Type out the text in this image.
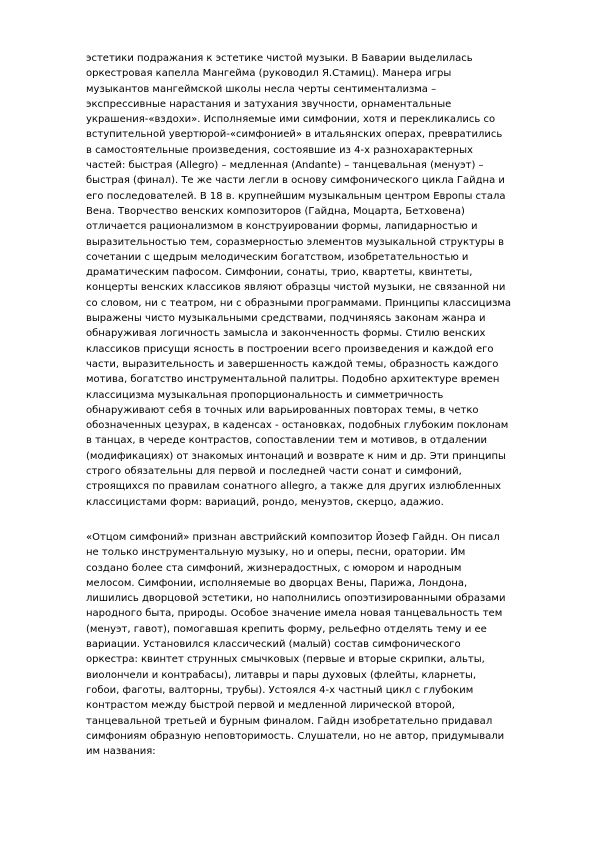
эстетики подражания к эстетике чистой музыки. В Баварии выделилась
оркестровая капелла Мангейма (руководил Я.Стамиц). Манера игры
музыкантов мангеймской школы несла черты сентиментализма –
экспрессивные нарастания и затухания звучности, орнаментальные
украшения-«вздохи». Исполняемые ими симфонии, хотя и перекликались со
вступительной увертюрой-«симфонией» в итальянских операх, превратились
в самостоятельные произведения, состоявшие из 4-х разнохарактерных
частей: быстрая (Allegro) – медленная (Andante) – танцевальная (менуэт) –
быстрая (финал). Те же части легли в основу симфонического цикла Гайдна и
его последователей. В 18 в. крупнейшим музыкальным центром Европы стала
Вена. Творчество венских композиторов (Гайдна, Моцарта, Бетховена)
отличается рационализмом в конструировании формы, лапидарностью и
выразительностью тем, соразмерностью элементов музыкальной структуры в
сочетании с щедрым мелодическим богатством, изобретательностью и
драматическим пафосом. Симфонии, сонаты, трио, квартеты, квинтеты,
концерты венских классиков являют образцы чистой музыки, не связанной ни
со словом, ни с театром, ни с образными программами. Принципы классицизма
выражены чисто музыкальными средствами, подчиняясь законам жанра и
обнаруживая логичность замысла и законченность формы. Стилю венских
классиков присущи ясность в построении всего произведения и каждой его
части, выразительность и завершенность каждой темы, образность каждого
мотива, богатство инструментальной палитры. Подобно архитектуре времен
классицизма музыкальная пропорциональность и симметричность
обнаруживают себя в точных или варьированных повторах темы, в четко
обозначенных цезурах, в каденсах - остановках, подобных глубоким поклонам
в танцах, в череде контрастов, сопоставлении тем и мотивов, в отдалении
(модификациях) от знакомых интонаций и возврате к ним и др. Эти принципы
строго обязательны для первой и последней части сонат и симфоний,
строящихся по правилам сонатного allegro, а также для других излюбленных
классицистами форм: вариаций, рондо, менуэтов, скерцо, адажио.
«Отцом симфоний» признан австрийский композитор Йозеф Гайдн. Он писал
не только инструментальную музыку, но и оперы, песни, оратории. Им
создано более ста симфоний, жизнерадостных, с юмором и народным
мелосом. Симфонии, исполняемые во дворцах Вены, Парижа, Лондона,
лишились дворцовой эстетики, но наполнились опоэтизированными образами
народного быта, природы. Особое значение имела новая танцевальность тем
(менуэт, гавот), помогавшая крепить форму, рельефно отделять тему и ее
вариации. Установился классический (малый) состав симфонического
оркестра: квинтет струнных смычковых (первые и вторые скрипки, альты,
виолончели и контрабасы), литавры и пары духовых (флейты, кларнеты,
гобои, фаготы, валторны, трубы). Устоялся 4-х частный цикл с глубоким
контрастом между быстрой первой и медленной лирической второй,
танцевальной третьей и бурным финалом. Гайдн изобретательно придавал
симфониям образную неповторимость. Слушатели, но не автор, придумывали
им названия:
